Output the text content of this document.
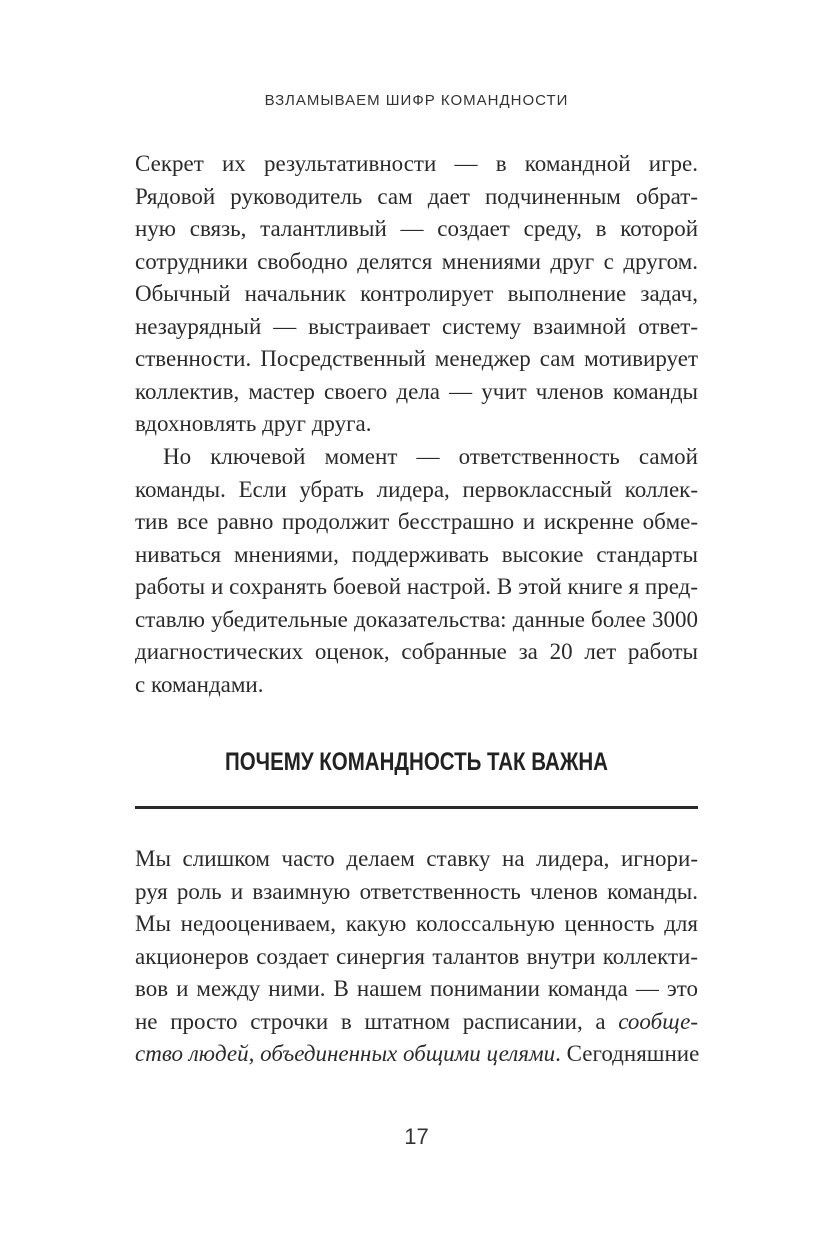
ВЗЛАМЫВАЕМ ШИФР КОМАНДНОСТИ
Секрет их результативности — в командной игре.
Рядовой руководитель сам дает подчиненным обрат-
ную связь, талантливый — создает среду, в которой
сотрудники свободно делятся мнениями друг с другом.
Обычный начальник контролирует выполнение задач,
незаурядный — выстраивает систему взаимной ответ-
ственности. Посредственный менеджер сам мотивирует
коллектив, мастер своего дела — учит членов команды
вдохновлять друг друга.
Но ключевой момент — ответственность самой
команды. Если убрать лидера, первоклассный коллек-
тив все равно продолжит бесстрашно и искренне обме-
ниваться мнениями, поддерживать высокие стандарты
работы и сохранять боевой настрой. В этой книге я пред-
ставлю убедительные доказательства: данные более 3000
диагностических оценок, собранные за 20 лет работы
с командами.
ПОЧЕМУ КОМАНДНОСТЬ ТАК ВАЖНА
Мы слишком часто делаем ставку на лидера, игнори-
руя роль и взаимную ответственность членов команды.
Мы недооцениваем, какую колоссальную ценность для
акционеров создает синергия талантов внутри коллекти-
вов и между ними. В нашем понимании команда — это
не просто строчки в штатном расписании, а сообще-
ство людей, объединенных общими целями. Сегодняшние
17
